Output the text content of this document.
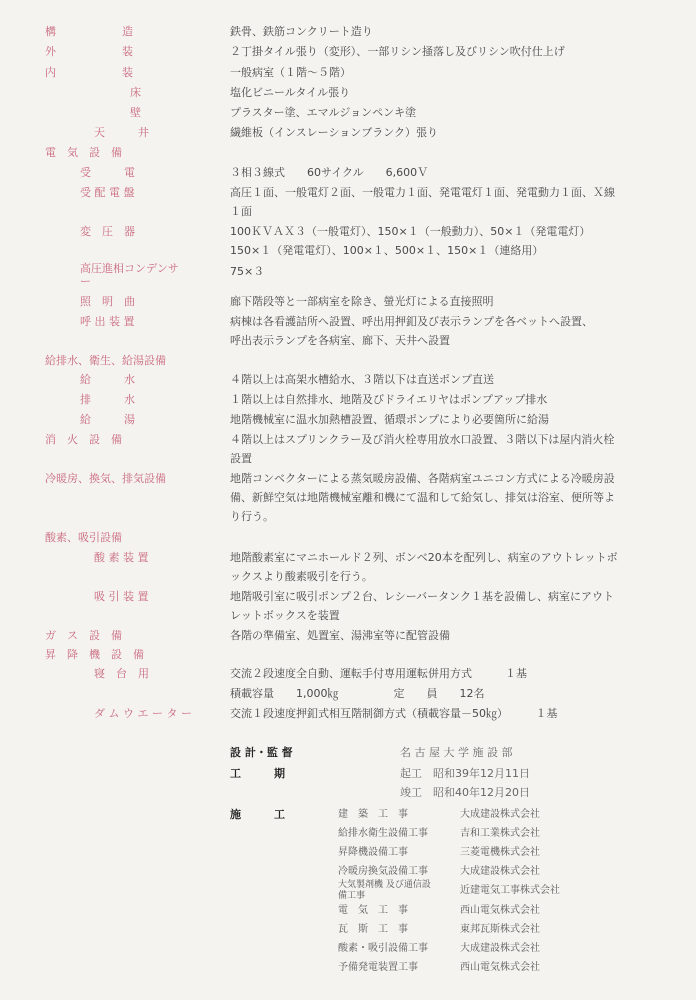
構　　　　　　造	鉄骨、鉄筋コンクリート造り
外　　　　　　装	２丁掛タイル張り（変形）、一部リシン掻落し及びリシン吹付仕上げ
内　　　　　　装	一般病室（１階～５階）
床	塩化ビニールタイル張り
壁	プラスター塗、エマルジョンペンキ塗
天　　　井	繊維板（インスレーションブランク）張り
電　気　設　備
受　　　電	３相３線式　　60サイクル　　6,600Ｖ
受 配 電 盤	高圧１面、一般電灯２面、一般電力１面、発電電灯１面、発電動力１面、Ｘ線
１面
変　圧　器	100ＫＶＡＸ３（一般電灯）、150×１（一般動力）、50×１（発電電灯）
150×１（発電電灯）、100×１、500×１、150×１（連絡用）
高圧進相コンデンサー
75×３
照　明　曲	廊下階段等と一部病室を除き、螢光灯による直接照明
呼 出 装 置	病棟は各看護詰所へ設置、呼出用押釦及び表示ランプを各ベットへ設置、
呼出表示ランプを各病室、廊下、天井へ設置
給排水、衛生、給湯設備
給　　　水	４階以上は高架水槽給水、３階以下は直送ポンプ直送
排　　　水	１階以上は自然排水、地階及びドライエリヤはポンプアップ排水
給　　　湯	地階機械室に温水加熱槽設置、循環ポンプにより必要箇所に給湯
消　火　設　備	４階以上はスプリンクラー及び消火栓専用放水口設置、３階以下は屋内消火栓
設置
冷暖房、換気、排気設備	地階コンベクターによる蒸気暖房設備、各階病室ユニコン方式による冷暖房設
備、新鮮空気は地階機械室離和機にて温和して給気し、排気は浴室、便所等よ
り行う。
酸素、吸引設備
酸 素 装 置	地階酸素室にマニホールド２列、ボンベ20本を配列し、病室のアウトレットボ
ックスより酸素吸引を行う。
吸 引 装 置	地階吸引室に吸引ポンプ２台、レシーバータンク１基を設備し、病室にアウト
レットボックスを装置
ガ　ス　設　備	各階の準備室、処置室、湯沸室等に配管設備
昇　降　機　設　備
寝　台　用	交流２段速度全自動、運転手付専用運転併用方式　　　１基
積載容量　　1,000㎏　　　　　定　　員　　12名
ダ ム ウ エ ー タ ー	交流１段速度押釦式相互階制御方式（積載容量－50㎏）　　　１基
設 計・監 督	名 古 屋 大 学 施 設 部
工　　　期	起工　昭和39年12月11日
竣工　昭和40年12月20日
施　　　工	建　築　工　事	大成建設株式会社
給排水衛生設備工事	吉和工業株式会社
昇降機設備工事	三菱電機株式会社
冷暖房換気設備工事	大成建設株式会社
大気製剤機 及び通信設備工事	近建電気工事株式会社
電　気　工　事	西山電気株式会社
瓦　斯　工　事	東邦瓦斯株式会社
酸素・吸引設備工事	大成建設株式会社
予備発電装置工事	西山電気株式会社
